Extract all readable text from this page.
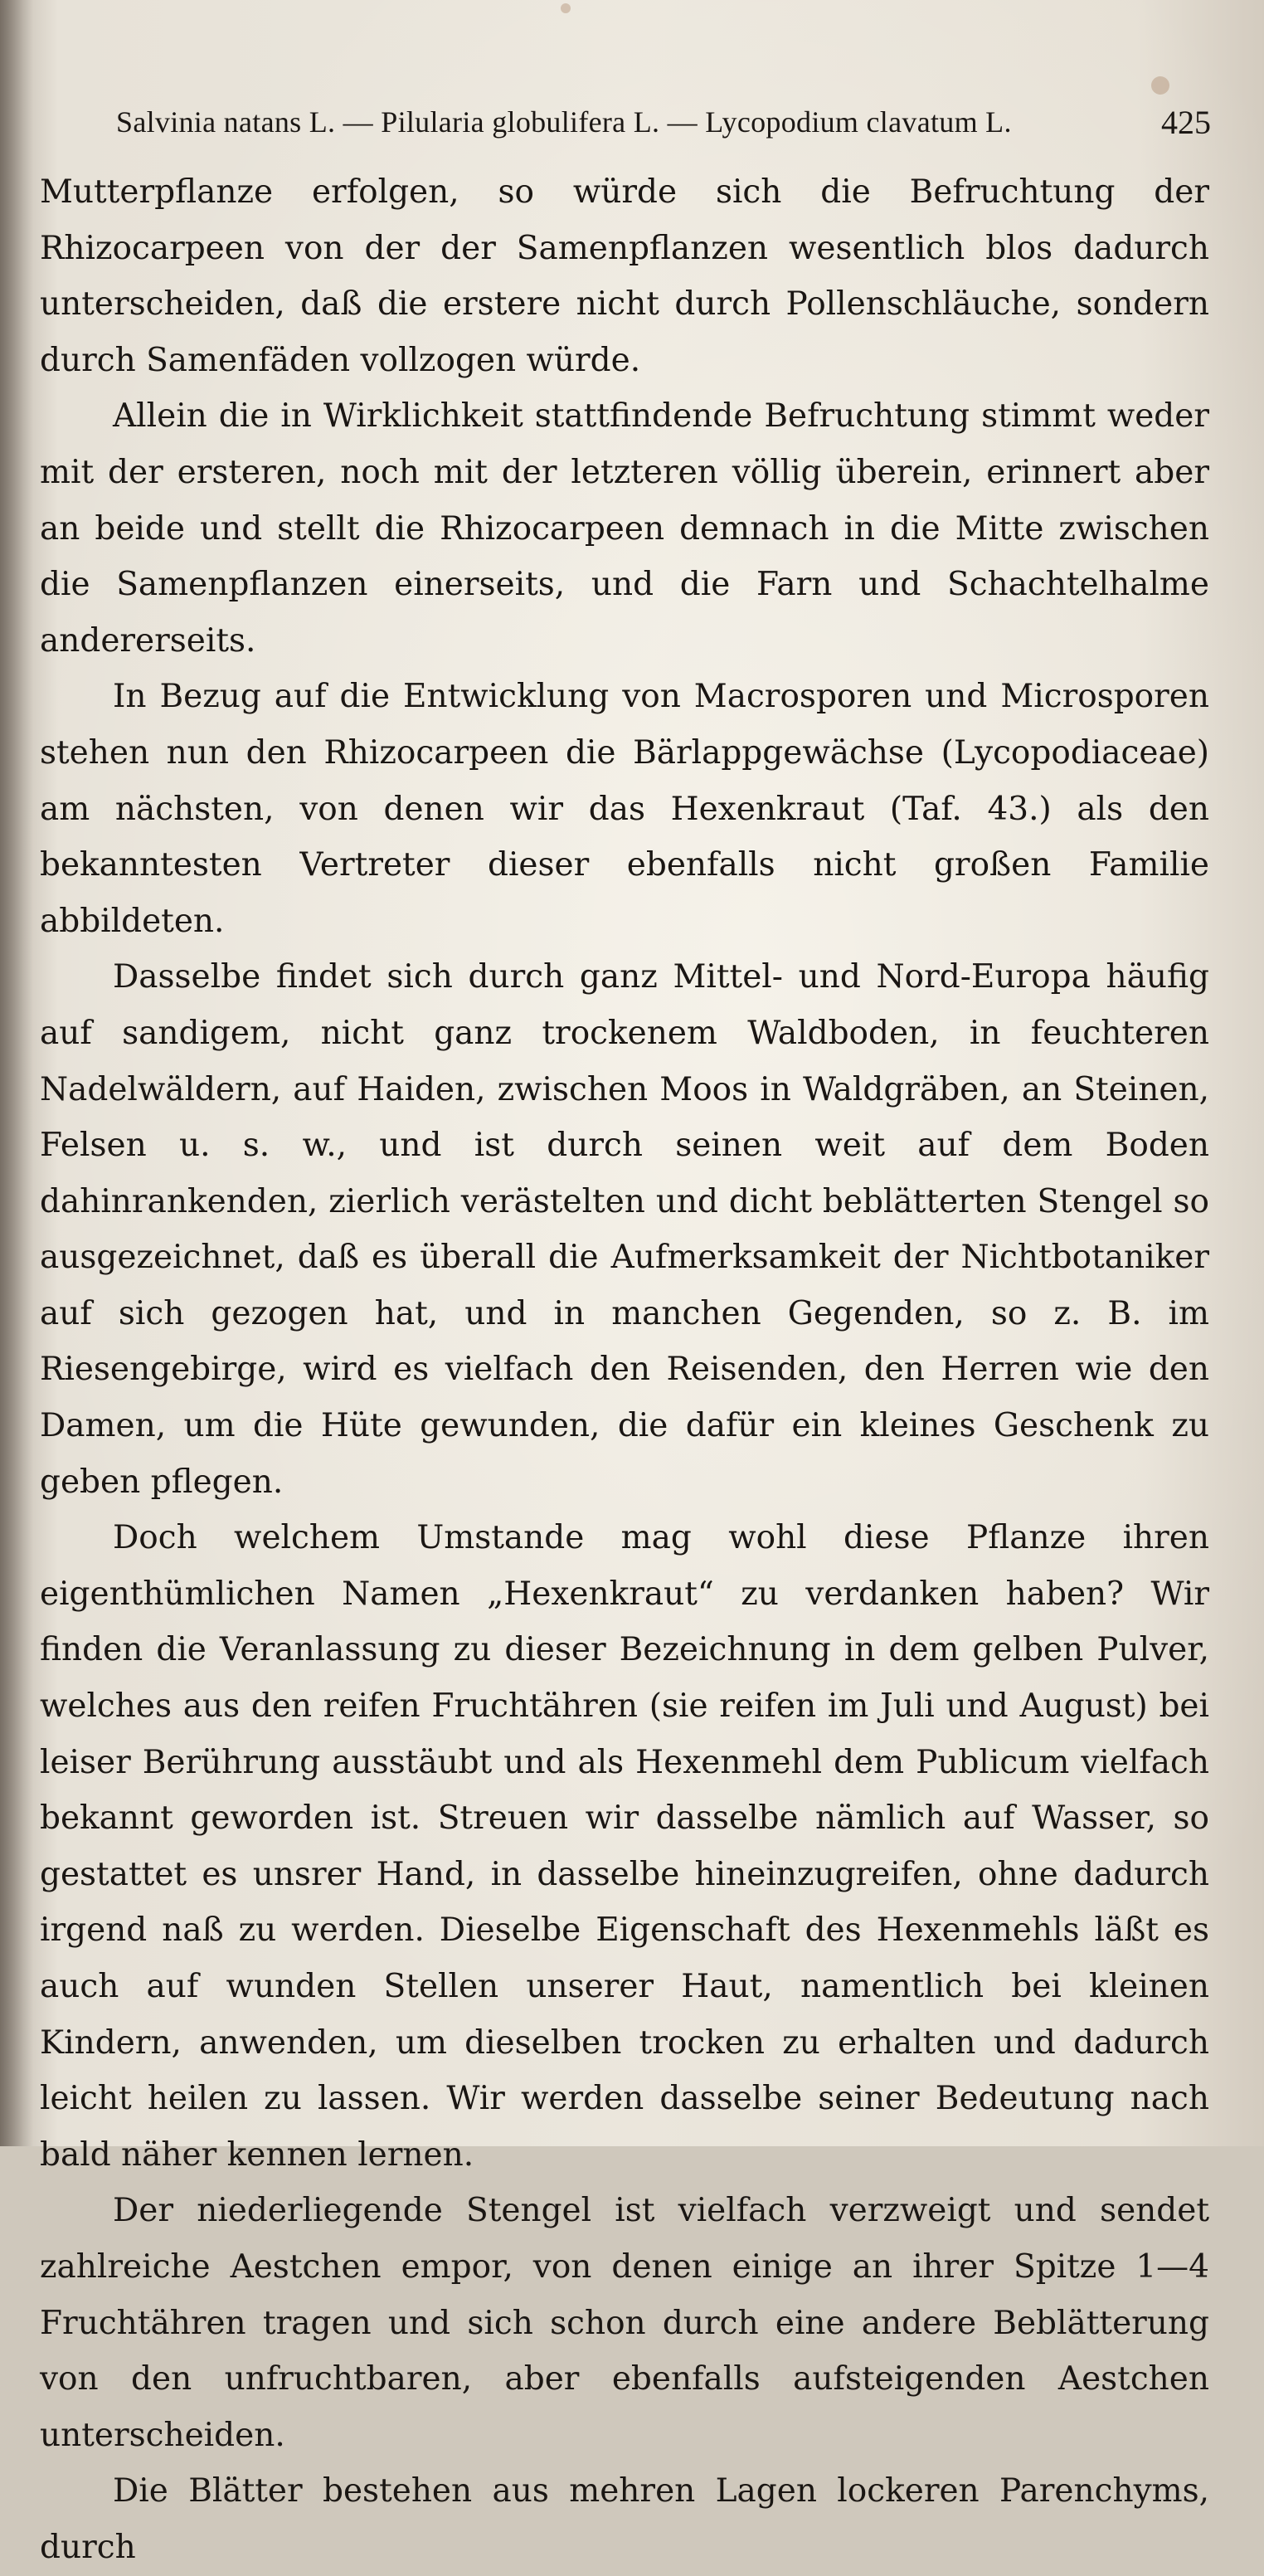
Salvinia natans L. — Pilularia globulifera L. — Lycopodium clavatum L.	425

Mutterpflanze erfolgen, so würde sich die Befruchtung der Rhizocarpeen von der der Samenpflanzen wesentlich blos dadurch unterscheiden, daß die erstere nicht durch Pollenschläuche, sondern durch Samenfäden vollzogen würde.

Allein die in Wirklichkeit stattfindende Befruchtung stimmt weder mit der ersteren, noch mit der letzteren völlig überein, erinnert aber an beide und stellt die Rhizocarpeen demnach in die Mitte zwischen die Samenpflanzen einerseits, und die Farn und Schachtelhalme andererseits.

In Bezug auf die Entwicklung von Macrosporen und Microsporen stehen nun den Rhizocarpeen die Bärlappgewächse (Lycopodiaceae) am nächsten, von denen wir das Hexenkraut (Taf. 43.) als den bekanntesten Vertreter dieser ebenfalls nicht großen Familie abbildeten.

Dasselbe findet sich durch ganz Mittel- und Nord-Europa häufig auf sandigem, nicht ganz trockenem Waldboden, in feuchteren Nadelwäldern, auf Haiden, zwischen Moos in Waldgräben, an Steinen, Felsen u. s. w., und ist durch seinen weit auf dem Boden dahinrankenden, zierlich verästelten und dicht beblätterten Stengel so ausgezeichnet, daß es überall die Aufmerksamkeit der Nichtbotaniker auf sich gezogen hat, und in manchen Gegenden, so z. B. im Riesengebirge, wird es vielfach den Reisenden, den Herren wie den Damen, um die Hüte gewunden, die dafür ein kleines Geschenk zu geben pflegen.

Doch welchem Umstande mag wohl diese Pflanze ihren eigenthümlichen Namen „Hexenkraut“ zu verdanken haben? Wir finden die Veranlassung zu dieser Bezeichnung in dem gelben Pulver, welches aus den reifen Fruchtähren (sie reifen im Juli und August) bei leiser Berührung ausstäubt und als Hexenmehl dem Publicum vielfach bekannt geworden ist. Streuen wir dasselbe nämlich auf Wasser, so gestattet es unsrer Hand, in dasselbe hineinzugreifen, ohne dadurch irgend naß zu werden. Dieselbe Eigenschaft des Hexenmehls läßt es auch auf wunden Stellen unserer Haut, namentlich bei kleinen Kindern, anwenden, um dieselben trocken zu erhalten und dadurch leicht heilen zu lassen. Wir werden dasselbe seiner Bedeutung nach bald näher kennen lernen.

Der niederliegende Stengel ist vielfach verzweigt und sendet zahlreiche Aestchen empor, von denen einige an ihrer Spitze 1—4 Fruchtähren tragen und sich schon durch eine andere Beblätterung von den unfruchtbaren, aber ebenfalls aufsteigenden Aestchen unterscheiden.

Die Blätter bestehen aus mehren Lagen lockeren Parenchyms, durch
